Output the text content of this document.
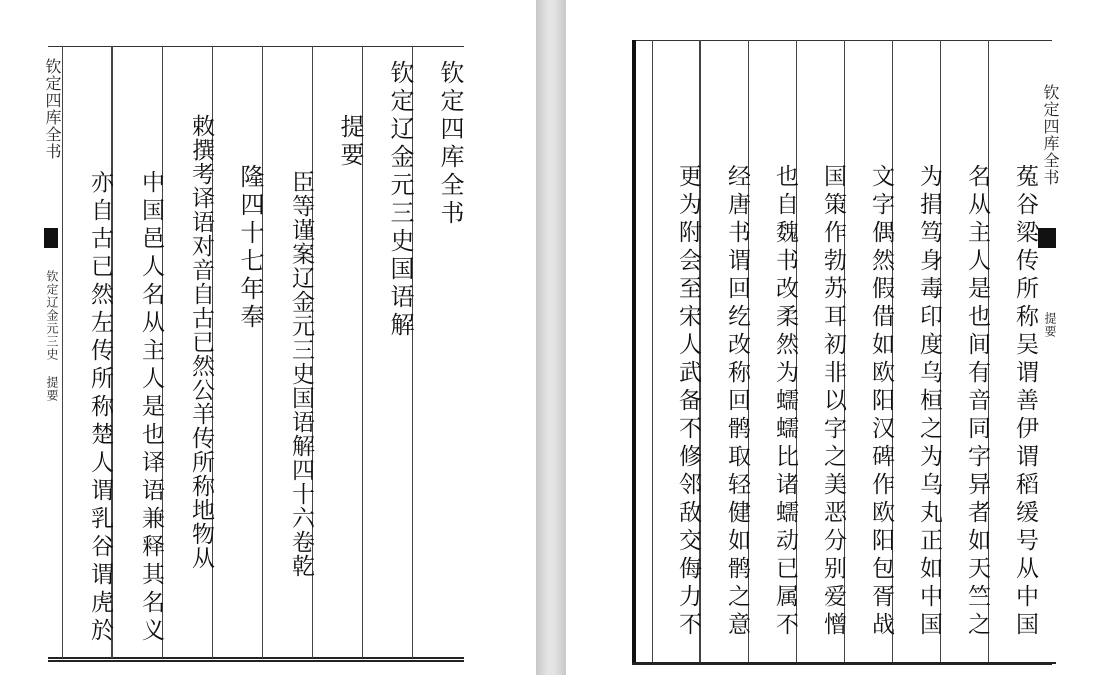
钦定四库全书
钦定辽金元三史国语解
提要
臣等谨案辽金元三史国语解四十六卷乾
隆四十七年奉
敕撰考译语对音自古已然公羊传所称地物从
中国邑人名从主人是也译语兼释其名义
亦自古已然左传所称楚人谓乳谷谓虎於
钦定四库全书
钦定辽金元三史 提要	菟谷梁传所称吴谓善伊谓稻缓号从中国
名从主人是也间有音同字异者如天竺之
为捐笃身毒印度乌桓之为乌丸正如中国
文字偶然假借如欧阳汉碑作欧阳包胥战
国策作勃苏耳初非以字之美恶分别爱憎
也自魏书改柔然为蠕蠕比诸蠕动已属不
经唐书谓回纥改称回鹘取轻健如鹘之意
更为附会至宋人武备不修邻敌交侮力不
钦定四库全书
提要
